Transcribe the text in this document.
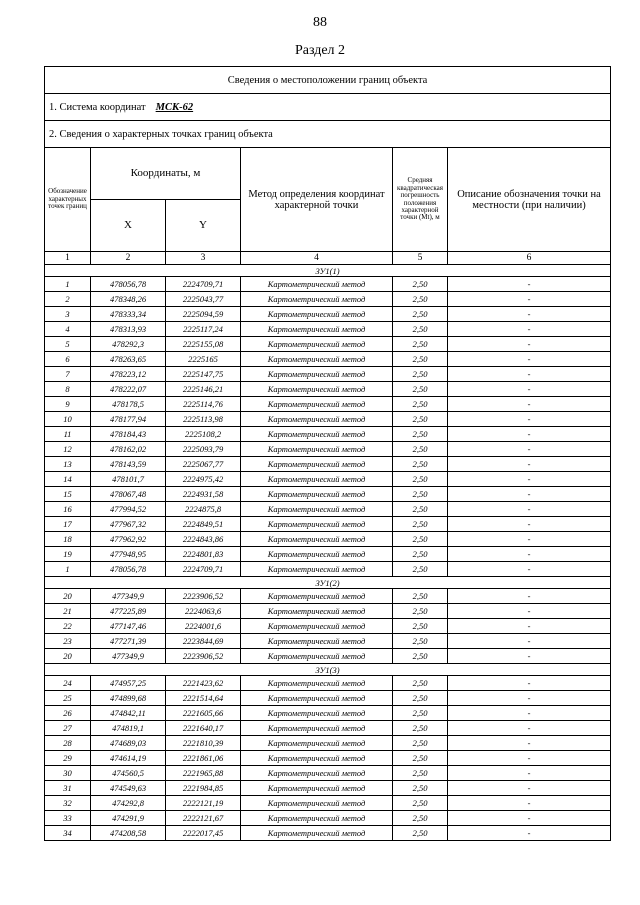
88
Раздел 2
Сведения о местоположении границ объекта					
1. Система координат МСК-62					
2. Сведения о характерных точках границ объекта					
Обозначение характерных точек границ	Координаты, м		Метод определения координат характерной точки	Средняя квадратическая погрешность положения характерной точки (Mt), м	Описание обозначения точки на местности (при наличии)
	X	Y			
1	2	3	4	5	6
ЗУ1(1)					
1	478056,78	2224709,71	Картометрический метод	2,50	-
2	478348,26	2225043,77	Картометрический метод	2,50	-
3	478333,34	2225094,59	Картометрический метод	2,50	-
4	478313,93	2225117,24	Картометрический метод	2,50	-
5	478292,3	2225155,08	Картометрический метод	2,50	-
6	478263,65	2225165	Картометрический метод	2,50	-
7	478223,12	2225147,75	Картометрический метод	2,50	-
8	478222,07	2225146,21	Картометрический метод	2,50	-
9	478178,5	2225114,76	Картометрический метод	2,50	-
10	478177,94	2225113,98	Картометрический метод	2,50	-
11	478184,43	2225108,2	Картометрический метод	2,50	-
12	478162,02	2225093,79	Картометрический метод	2,50	-
13	478143,59	2225067,77	Картометрический метод	2,50	-
14	478101,7	2224975,42	Картометрический метод	2,50	-
15	478067,48	2224931,58	Картометрический метод	2,50	-
16	477994,52	2224875,8	Картометрический метод	2,50	-
17	477967,32	2224849,51	Картометрический метод	2,50	-
18	477962,92	2224843,86	Картометрический метод	2,50	-
19	477948,95	2224801,83	Картометрический метод	2,50	-
1	478056,78	2224709,71	Картометрический метод	2,50	-
ЗУ1(2)					
20	477349,9	2223906,52	Картометрический метод	2,50	-
21	477225,89	2224063,6	Картометрический метод	2,50	-
22	477147,46	2224001,6	Картометрический метод	2,50	-
23	477271,39	2223844,69	Картометрический метод	2,50	-
20	477349,9	2223906,52	Картометрический метод	2,50	-
ЗУ1(3)					
24	474957,25	2221423,62	Картометрический метод	2,50	-
25	474899,68	2221514,64	Картометрический метод	2,50	-
26	474842,11	2221605,66	Картометрический метод	2,50	-
27	474819,1	2221640,17	Картометрический метод	2,50	-
28	474689,03	2221810,39	Картометрический метод	2,50	-
29	474614,19	2221861,06	Картометрический метод	2,50	-
30	474560,5	2221965,88	Картометрический метод	2,50	-
31	474549,63	2221984,85	Картометрический метод	2,50	-
32	474292,8	2222121,19	Картометрический метод	2,50	-
33	474291,9	2222121,67	Картометрический метод	2,50	-
34	474208,58	2222017,45	Картометрический метод	2,50	-
